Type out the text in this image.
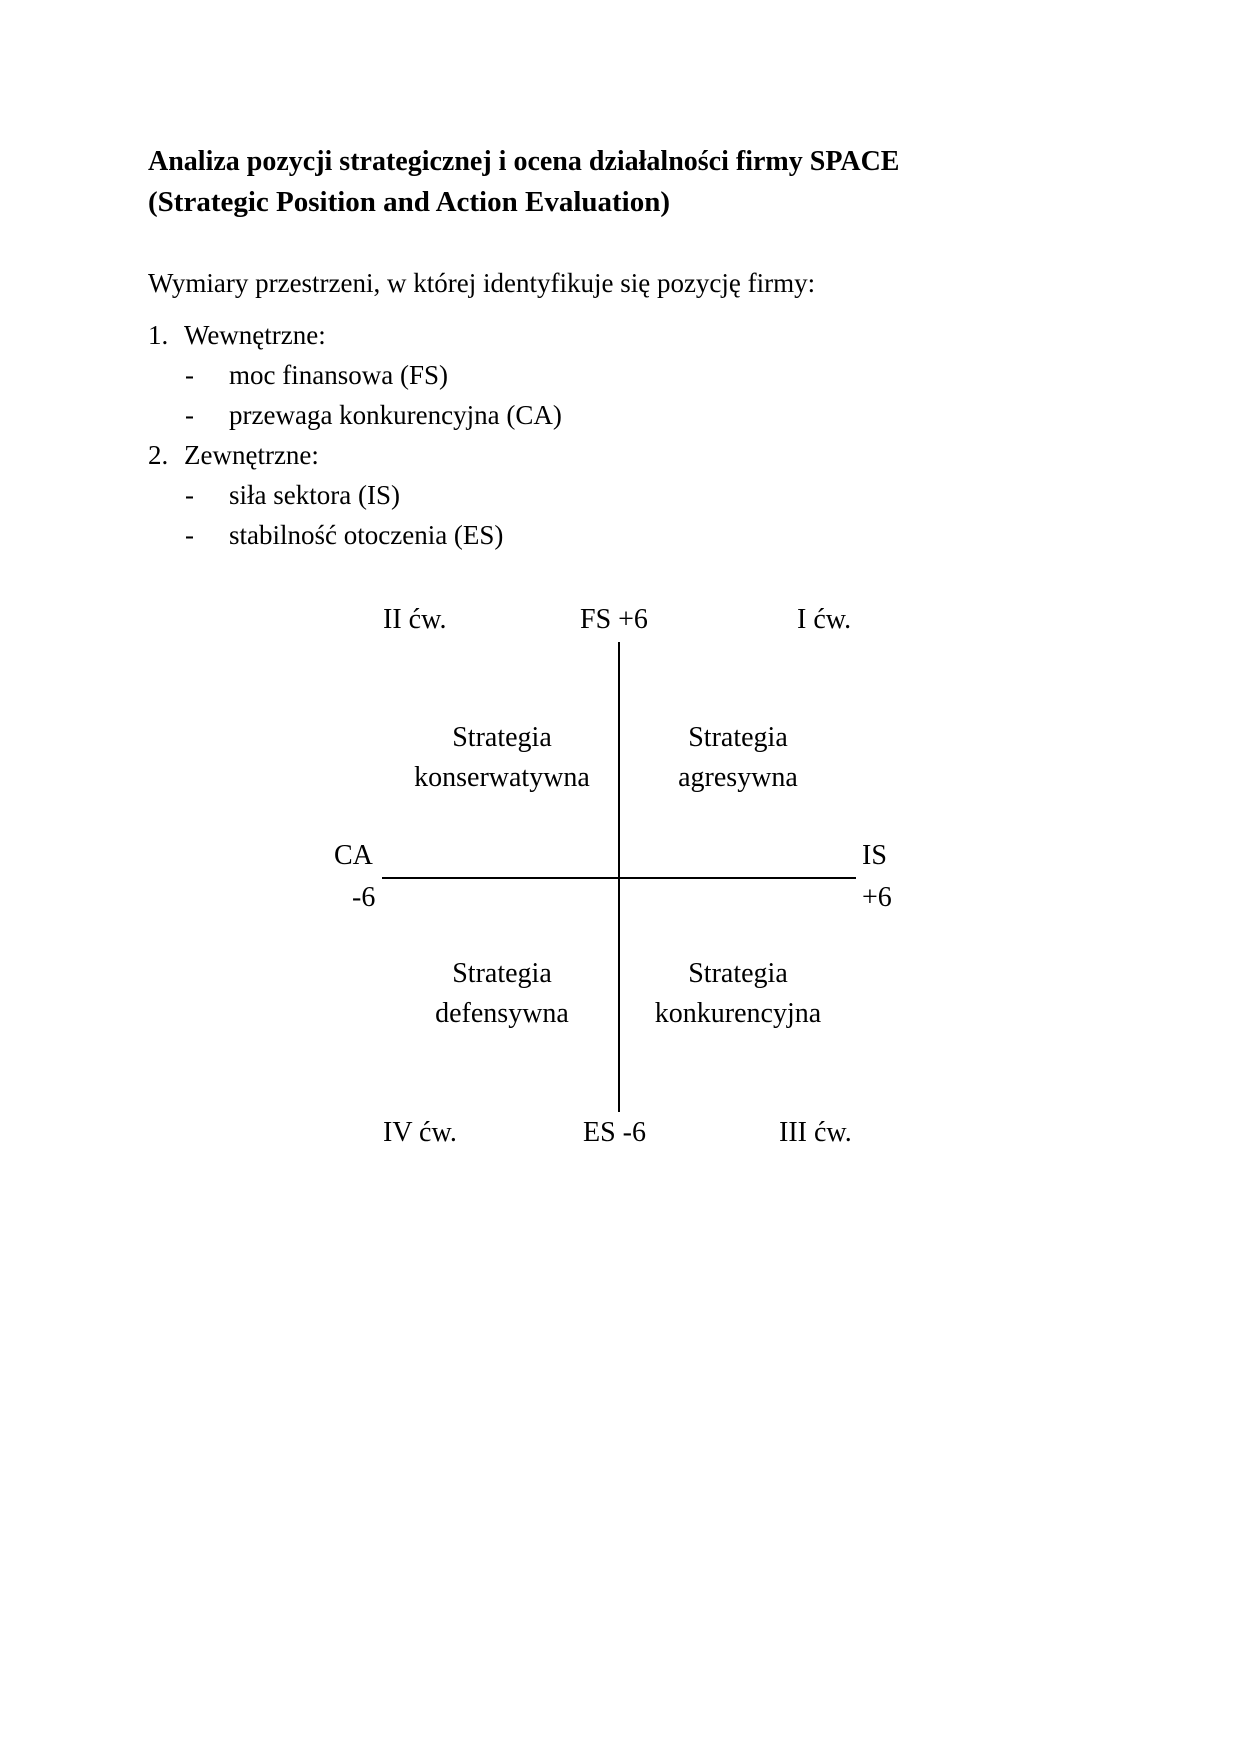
Analiza pozycji strategicznej i ocena działalności firmy SPACE
(Strategic Position and Action Evaluation)
Wymiary przestrzeni, w której identyfikuje się pozycję firmy:
1. Wewnętrzne:
- moc finansowa (FS)
- przewaga konkurencyjna (CA)
2. Zewnętrzne:
- siła sektora (IS)
- stabilność otoczenia (ES)
II ćw.	FS +6	I ćw.
Strategia
konserwatywna
Strategia
agresywna
CA
-6
IS
+6
Strategia
defensywna
Strategia
konkurencyjna
IV ćw.	ES -6	III ćw.
